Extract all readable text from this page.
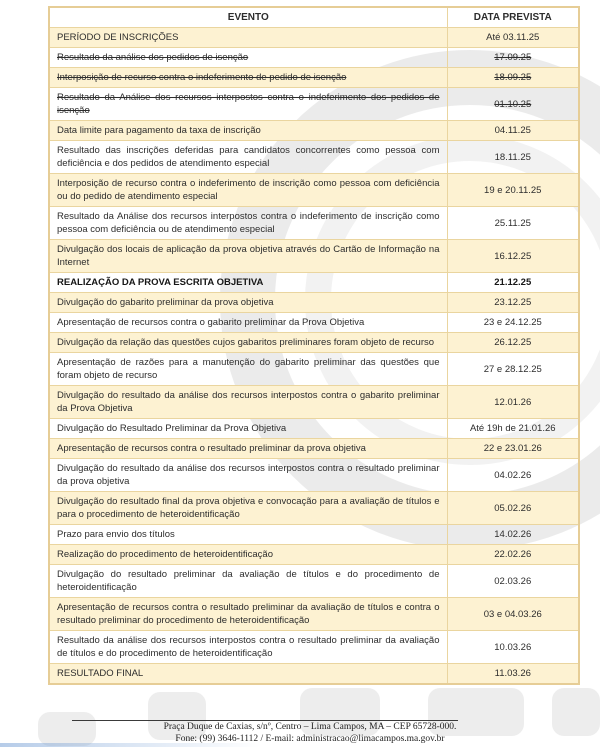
EVENTO	DATA PREVISTA
PERÍODO DE INSCRIÇÕES	Até 03.11.25
Resultado da análise dos pedidos de isenção	17.09.25
Interposição de recurso contra o indeferimento de pedido de isenção	18.09.25
Resultado da Análise dos recursos interpostos contra o indeferimento dos pedidos de isenção	01.10.25
Data limite para pagamento da taxa de inscrição	04.11.25
Resultado das inscrições deferidas para candidatos concorrentes como pessoa com deficiência e dos pedidos de atendimento especial	18.11.25
Interposição de recurso contra o indeferimento de inscrição como pessoa com deficiência ou do pedido de atendimento especial	19 e 20.11.25
Resultado da Análise dos recursos interpostos contra o indeferimento de inscrição como pessoa com deficiência ou de atendimento especial	25.11.25
Divulgação dos locais de aplicação da prova objetiva através do Cartão de Informação na Internet	16.12.25
REALIZAÇÃO DA PROVA ESCRITA OBJETIVA	21.12.25
Divulgação do gabarito preliminar da prova objetiva	23.12.25
Apresentação de recursos contra o gabarito preliminar da Prova Objetiva	23 e 24.12.25
Divulgação da relação das questões cujos gabaritos preliminares foram objeto de recurso	26.12.25
Apresentação de razões para a manutenção do gabarito preliminar das questões que foram objeto de recurso	27 e 28.12.25
Divulgação do resultado da análise dos recursos interpostos contra o gabarito preliminar da Prova Objetiva	12.01.26
Divulgação do Resultado Preliminar da Prova Objetiva	Até 19h de 21.01.26
Apresentação de recursos contra o resultado preliminar da prova objetiva	22 e 23.01.26
Divulgação do resultado da análise dos recursos interpostos contra o resultado preliminar da prova objetiva	04.02.26
Divulgação do resultado final da prova objetiva e convocação para a avaliação de títulos e para o procedimento de heteroidentificação	05.02.26
Prazo para envio dos títulos	14.02.26
Realização do procedimento de heteroidentificação	22.02.26
Divulgação do resultado preliminar da avaliação de títulos e do procedimento de heteroidentificação	02.03.26
Apresentação de recursos contra o resultado preliminar da avaliação de títulos e contra o resultado preliminar do procedimento de heteroidentificação	03 e 04.03.26
Resultado da análise dos recursos interpostos contra o resultado preliminar da avaliação de títulos e do procedimento de heteroidentificação	10.03.26
RESULTADO FINAL	11.03.26
Praça Duque de Caxias, s/nº, Centro – Lima Campos, MA – CEP 65728-000.
Fone: (99) 3646-1112 / E-mail: administracao@limacampos.ma.gov.br
